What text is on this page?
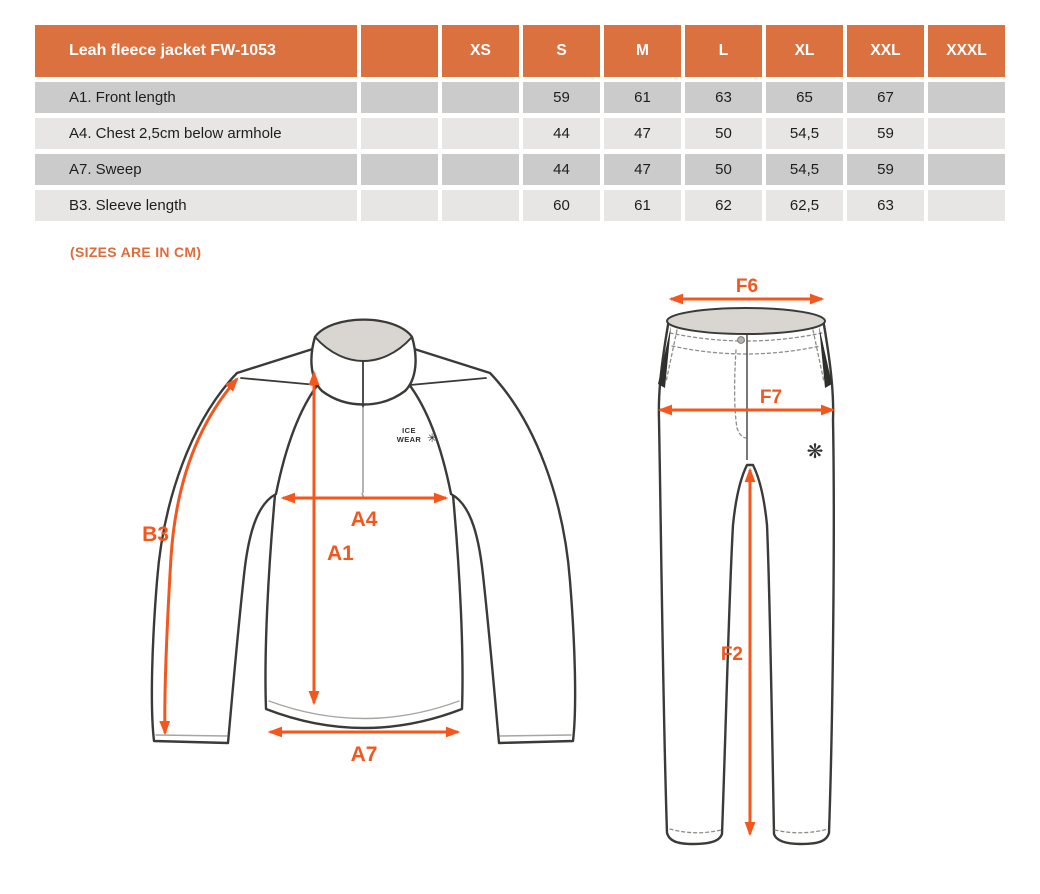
Leah fleece jacket FW-1053		XS	S	M	L	XL	XXL	XXXL
A1. Front length			59	61	63	65	67	
A4. Chest 2,5cm below armhole			44	47	50	54,5	59	
A7. Sweep			44	47	50	54,5	59	
B3. Sleeve length			60	61	62	62,5	63	
(SIZES ARE IN CM)
ICE
WEAR ✳
B3
A4
A1
A7
❋
F6
F7
F2
